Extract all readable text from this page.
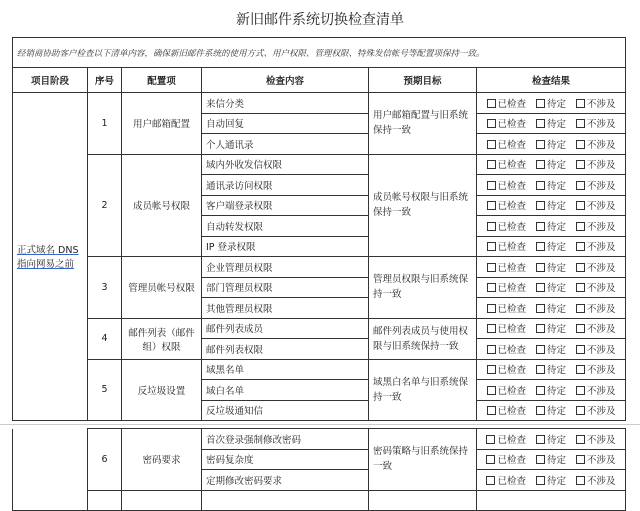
新旧邮件系统切换检查清单
经销商协助客户检查以下清单内容，确保新旧邮件系统的使用方式、用户权限、管理权限、特殊发信帐号等配置项保持一致。					
项目阶段	序号	配置项	检查内容	预期目标	检查结果
正式域名 DNS 指向网易之前	1	用户邮箱配置	来信分类	用户邮箱配置与旧系统保持一致	已检查 待定 不涉及
			自动回复		已检查 待定 不涉及
			个人通讯录		已检查 待定 不涉及
	2	成员帐号权限	域内外收发信权限	成员帐号权限与旧系统保持一致	已检查 待定 不涉及
			通讯录访问权限		已检查 待定 不涉及
			客户端登录权限		已检查 待定 不涉及
			自动转发权限		已检查 待定 不涉及
			IP 登录权限		已检查 待定 不涉及
	3	管理员帐号权限	企业管理员权限	管理员权限与旧系统保持一致	已检查 待定 不涉及
			部门管理员权限		已检查 待定 不涉及
			其他管理员权限		已检查 待定 不涉及
	4	邮件列表（邮件组）权限	邮件列表成员	邮件列表成员与使用权限与旧系统保持一致	已检查 待定 不涉及
			邮件列表权限		已检查 待定 不涉及
	5	反垃圾设置	域黑名单	域黑白名单与旧系统保持一致	已检查 待定 不涉及
			域白名单		已检查 待定 不涉及
			反垃圾通知信		已检查 待定 不涉及
	6	密码要求	首次登录强制修改密码	密码策略与旧系统保持一致	已检查 待定 不涉及
			密码复杂度		已检查 待定 不涉及
			定期修改密码要求		已检查 待定 不涉及
